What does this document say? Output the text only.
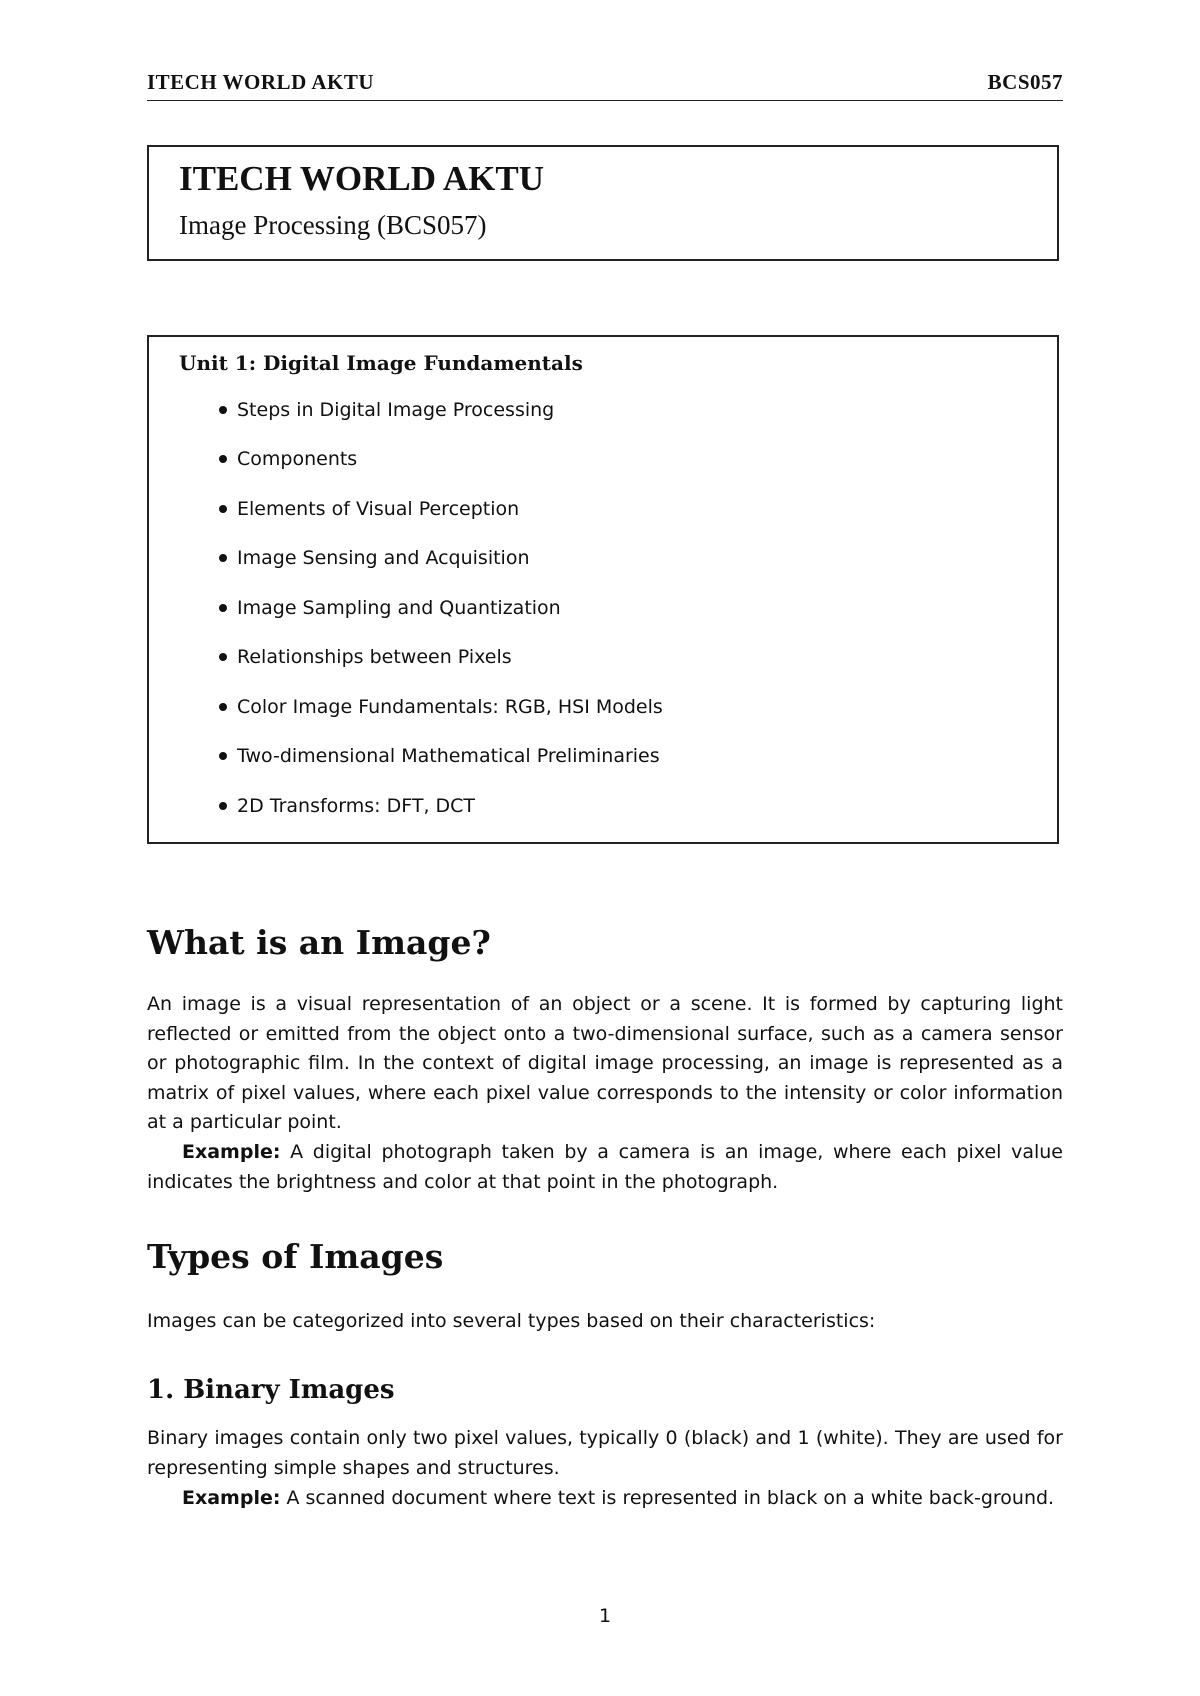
ITECH WORLD AKTU	BCS057
ITECH WORLD AKTU
Image Processing (BCS057)
Unit 1: Digital Image Fundamentals
Steps in Digital Image Processing
Components
Elements of Visual Perception
Image Sensing and Acquisition
Image Sampling and Quantization
Relationships between Pixels
Color Image Fundamentals: RGB, HSI Models
Two-dimensional Mathematical Preliminaries
2D Transforms: DFT, DCT
What is an Image?

An image is a visual representation of an object or a scene. It is formed by capturing light reflected or emitted from the object onto a two-dimensional surface, such as a camera sensor or photographic film. In the context of digital image processing, an image is represented as a matrix of pixel values, where each pixel value corresponds to the intensity or color information at a particular point.

Example: A digital photograph taken by a camera is an image, where each pixel value indicates the brightness and color at that point in the photograph.

Types of Images

Images can be categorized into several types based on their characteristics:

1. Binary Images

Binary images contain only two pixel values, typically 0 (black) and 1 (white). They are used for representing simple shapes and structures.

Example: A scanned document where text is represented in black on a white back-ground.

1
